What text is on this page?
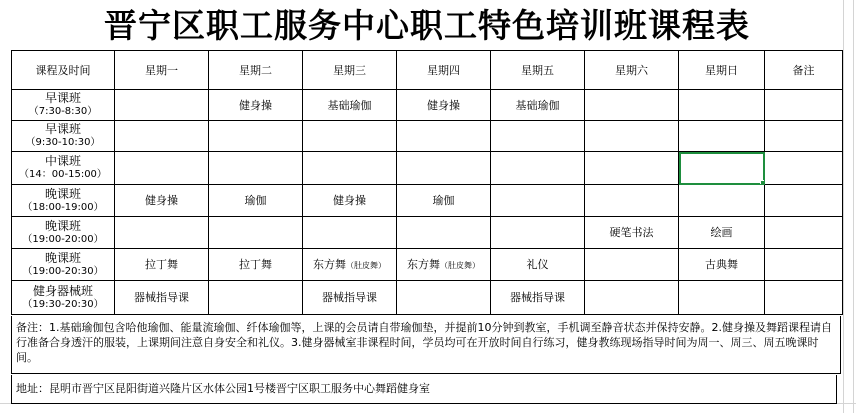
晋宁区职工服务中心职工特色培训班课程表
课程及时间	星期一	星期二	星期三	星期四	星期五	星期六	星期日	备注

早课班
（7:30-8:30）		健身操	基础瑜伽	健身操	基础瑜伽			

早课班
（9:30-10:30）								

中课班
（14：00-15:00）								

晚课班
（18:00-19:00）	健身操	瑜伽	健身操	瑜伽				

晚课班
（19:00-20:00）						硬笔书法	绘画	

晚课班
（19:00-20:30）	拉丁舞	拉丁舞	东方舞（肚皮舞）	东方舞（肚皮舞）	礼仪		古典舞	

健身器械班
（19:30-20:30）	器械指导课		器械指导课		器械指导课			
备注：1.基础瑜伽包含哈他瑜伽、能量流瑜伽、纤体瑜伽等，上课的会员请自带瑜伽垫，并提前10分钟到教室，手机调至静音状态并保持安静。2.健身操及舞蹈课程请自行准备合身透汗的服装，上课期间注意自身安全和礼仪。3.健身器械室非课程时间，学员均可在开放时间自行练习，健身教练现场指导时间为周一、周三、周五晚课时间。
地址：昆明市晋宁区昆阳街道兴隆片区水体公园1号楼晋宁区职工服务中心舞蹈健身室
